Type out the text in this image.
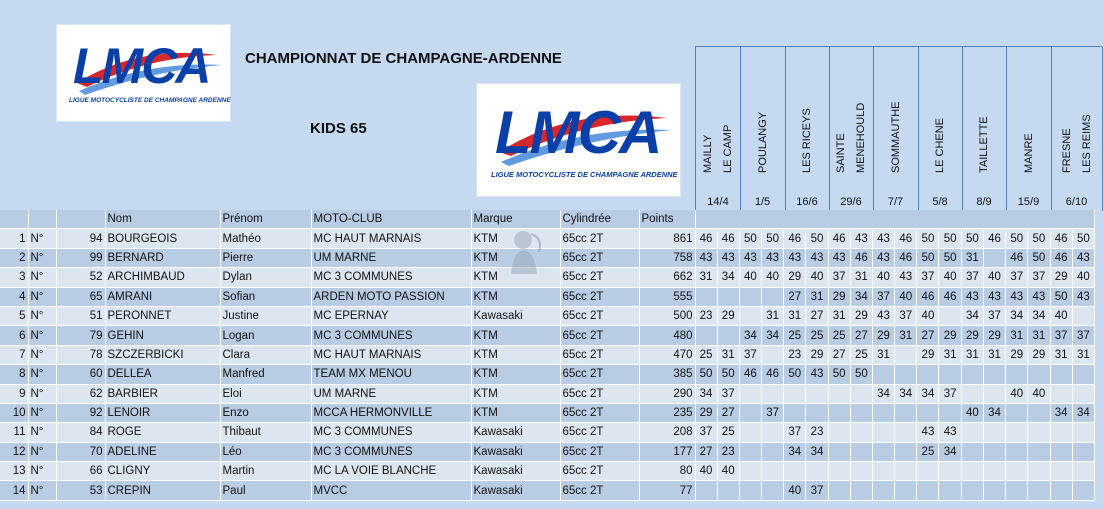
LMCA
LIGUE MOTOCYCLISTE DE CHAMPAGNE ARDENNE	LMCA
LIGUE MOTOCYCLISTE DE CHAMPAGNE ARDENNE
CHAMPIONNAT DE CHAMPAGNE-ARDENNE
KIDS 65
MAILLY LE CAMP
14/4
POULANGY
1/5
LES RICEYS
16/6
SAINTE MENEHOULD
29/6
SOMMAUTHE
7/7
LE CHENE
5/8
TAILLETTE
8/9
MANRE
15/9
FRESNE LES REIMS
6/10
			Nom	Prénom	MOTO-CLUB	Marque	Cylindrée	Points																		
1	N°	94	BOURGEOIS	Mathéo	MC HAUT MARNAIS	KTM	65cc 2T	861	46	46	50	50	46	50	46	43	43	46	50	50	50	46	50	50	46	50
2	N°	99	BERNARD	Pierre	UM MARNE	KTM	65cc 2T	758	43	43	43	43	43	43	43	46	43	46	50	50	31		46	50	46	43
3	N°	52	ARCHIMBAUD	Dylan	MC 3 COMMUNES	KTM	65cc 2T	662	31	34	40	40	29	40	37	31	40	43	37	40	37	40	37	37	29	40
4	N°	65	AMRANI	Sofian	ARDEN MOTO PASSION	KTM	65cc 2T	555					27	31	29	34	37	40	46	46	43	43	43	43	50	43
5	N°	51	PERONNET	Justine	MC EPERNAY	Kawasaki	65cc 2T	500	23	29		31	31	27	31	29	43	37	40		34	37	34	34	40	
6	N°	79	GEHIN	Logan	MC 3 COMMUNES	KTM	65cc 2T	480			34	34	25	25	25	27	29	31	27	29	29	29	31	31	37	37
7	N°	78	SZCZERBICKI	Clara	MC HAUT MARNAIS	KTM	65cc 2T	470	25	31	37		23	29	27	25	31		29	31	31	31	29	29	31	31
8	N°	60	DELLEA	Manfred	TEAM MX MENOU	KTM	65cc 2T	385	50	50	46	46	50	43	50	50										
9	N°	62	BARBIER	Eloi	UM MARNE	KTM	65cc 2T	290	34	37							34	34	34	37			40	40		
10	N°	92	LENOIR	Enzo	MCCA HERMONVILLE	KTM	65cc 2T	235	29	27		37									40	34			34	34
11	N°	84	ROGE	Thibaut	MC 3 COMMUNES	Kawasaki	65cc 2T	208	37	25			37	23					43	43						
12	N°	70	ADELINE	Léo	MC 3 COMMUNES	Kawasaki	65cc 2T	177	27	23			34	34					25	34						
13	N°	66	CLIGNY	Martin	MC LA VOIE BLANCHE	Kawasaki	65cc 2T	80	40	40																
14	N°	53	CREPIN	Paul	MVCC	Kawasaki	65cc 2T	77					40	37												
